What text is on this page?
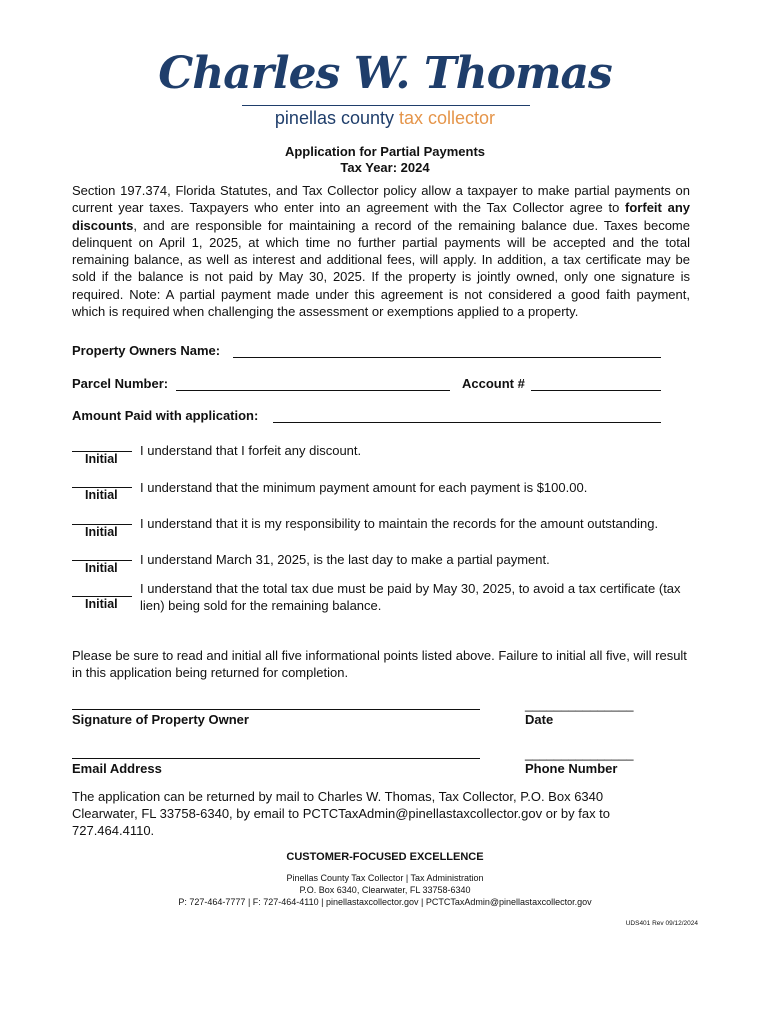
Charles W. Thomas
pinellas county tax collector
Application for Partial Payments
Tax Year: 2024
Section 197.374, Florida Statutes, and Tax Collector policy allow a taxpayer to make partial payments on current year taxes. Taxpayers who enter into an agreement with the Tax Collector agree to forfeit any discounts, and are responsible for maintaining a record of the remaining balance due. Taxes become delinquent on April 1, 2025, at which time no further partial payments will be accepted and the total remaining balance, as well as interest and additional fees, will apply. In addition, a tax certificate may be sold if the balance is not paid by May 30, 2025. If the property is jointly owned, only one signature is required. Note: A partial payment made under this agreement is not considered a good faith payment, which is required when challenging the assessment or exemptions applied to a property.
Property Owners Name:
Parcel Number:	Account #
Amount Paid with application:
Initial
I understand that I forfeit any discount.
Initial I understand that the minimum payment amount for each payment is $100.00.
Initial
I understand that it is my responsibility to maintain the records for the amount outstanding.
Initial
I understand March 31, 2025, is the last day to make a partial payment.
Initial
I understand that the total tax due must be paid by May 30, 2025, to avoid a tax certificate (tax lien) being sold for the remaining balance.
Please be sure to read and initial all five informational points listed above. Failure to initial all five, will result in this application being returned for completion.
Signature of Property Owner
_______________
Date
Email Address
_______________
Phone Number
The application can be returned by mail to Charles W. Thomas, Tax Collector, P.O. Box 6340 Clearwater, FL 33758-6340, by email to PCTCTaxAdmin@pinellastaxcollector.gov or by fax to 727.464.4110.
CUSTOMER-FOCUSED EXCELLENCE
Pinellas County Tax Collector | Tax Administration
P.O. Box 6340, Clearwater, FL 33758-6340
P: 727-464-7777 | F: 727-464-4110 | pinellastaxcollector.gov | PCTCTaxAdmin@pinellastaxcollector.gov
UDS401 Rev 09/12/2024
